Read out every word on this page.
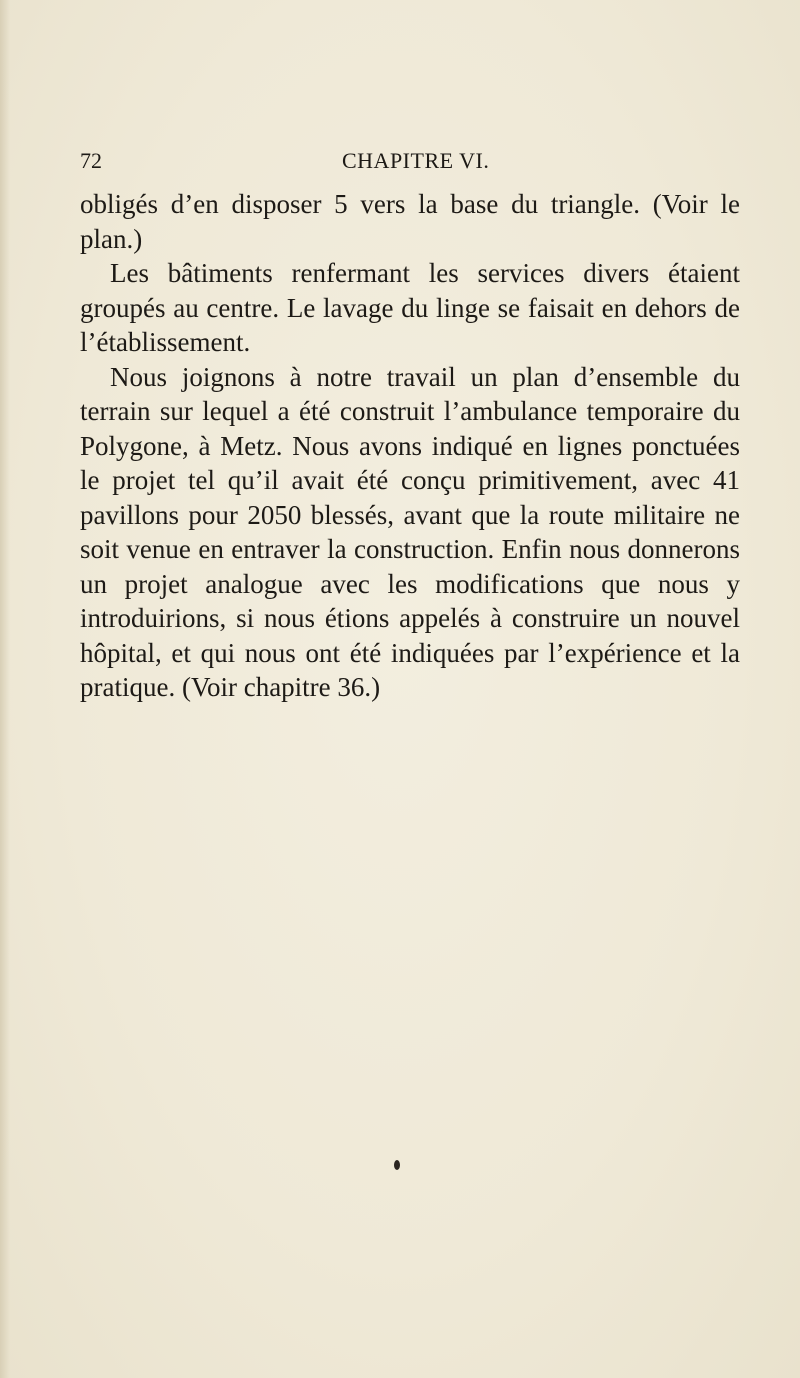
72	CHAPITRE VI.

obligés d’en disposer 5 vers la base du triangle. (Voir le plan.)

Les bâtiments renfermant les services divers étaient groupés au centre. Le lavage du linge se faisait en dehors de l’établissement.

Nous joignons à notre travail un plan d’ensemble du terrain sur lequel a été construit l’ambulance temporaire du Polygone, à Metz. Nous avons indiqué en lignes ponctuées le projet tel qu’il avait été conçu primitivement, avec 41 pavillons pour 2050 blessés, avant que la route militaire ne soit venue en entraver la construction. Enfin nous donnerons un projet analogue avec les modifications que nous y introduirions, si nous étions appelés à construire un nouvel hôpital, et qui nous ont été indiquées par l’expérience et la pratique. (Voir chapitre 36.)
